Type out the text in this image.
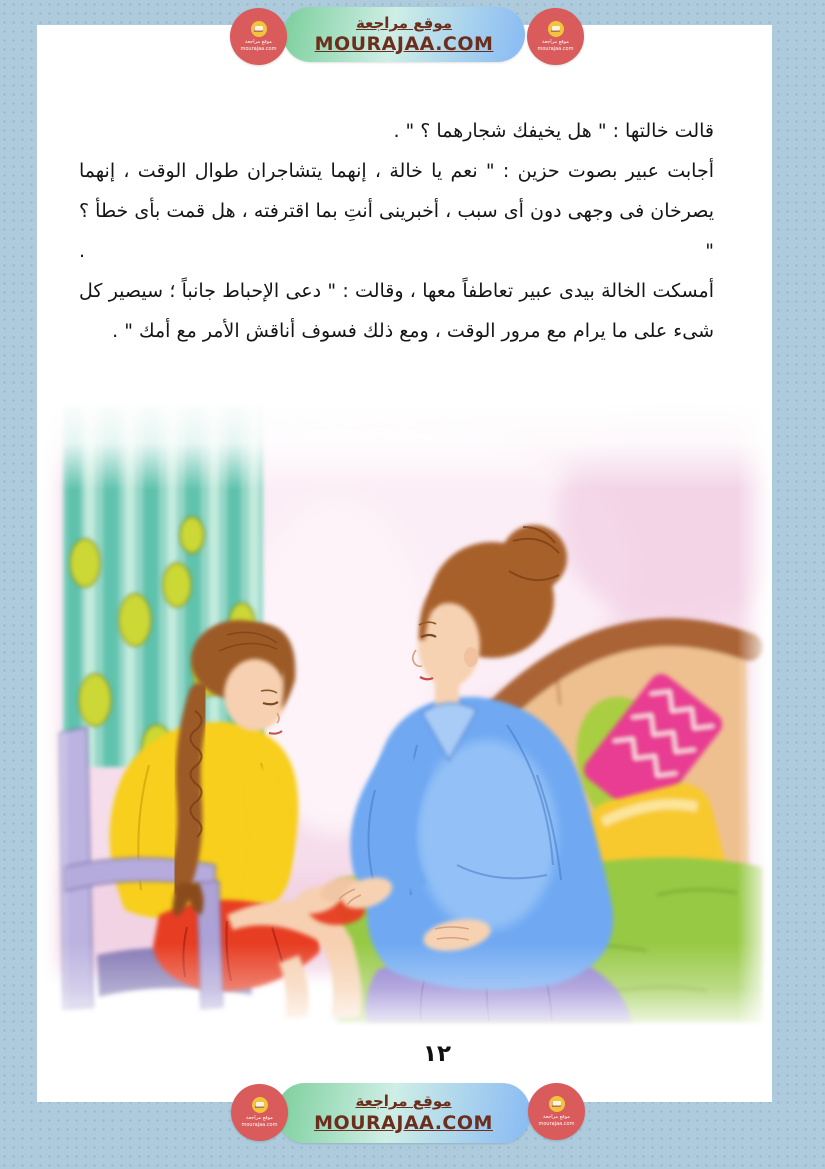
قالت خالتها : " هل يخيفك شجارهما ؟ " .
أجابت عبير بصوت حزين : " نعم يا خالة ، إنهما يتشاجران طوال الوقت ، إنهما
يصرخان فى وجهى دون أى سبب ، أخبرينى أنتِ بما اقترفته ، هل قمت بأى خطأ ؟ " .
أمسكت الخالة بيدى عبير تعاطفاً معها ، وقالت : " دعى الإحباط جانباً ؛ سيصير كل
شىء على ما يرام مع مرور الوقت ، ومع ذلك فسوف أناقش الأمر مع أمك " .
١٢
موقع مراجعة
MOURAJAA.COM
موقع مراجعة
mourajaa.com
موقع مراجعة
mourajaa.com
موقع مراجعة
MOURAJAA.COM
موقع مراجعة
mourajaa.com
موقع مراجعة
mourajaa.com
